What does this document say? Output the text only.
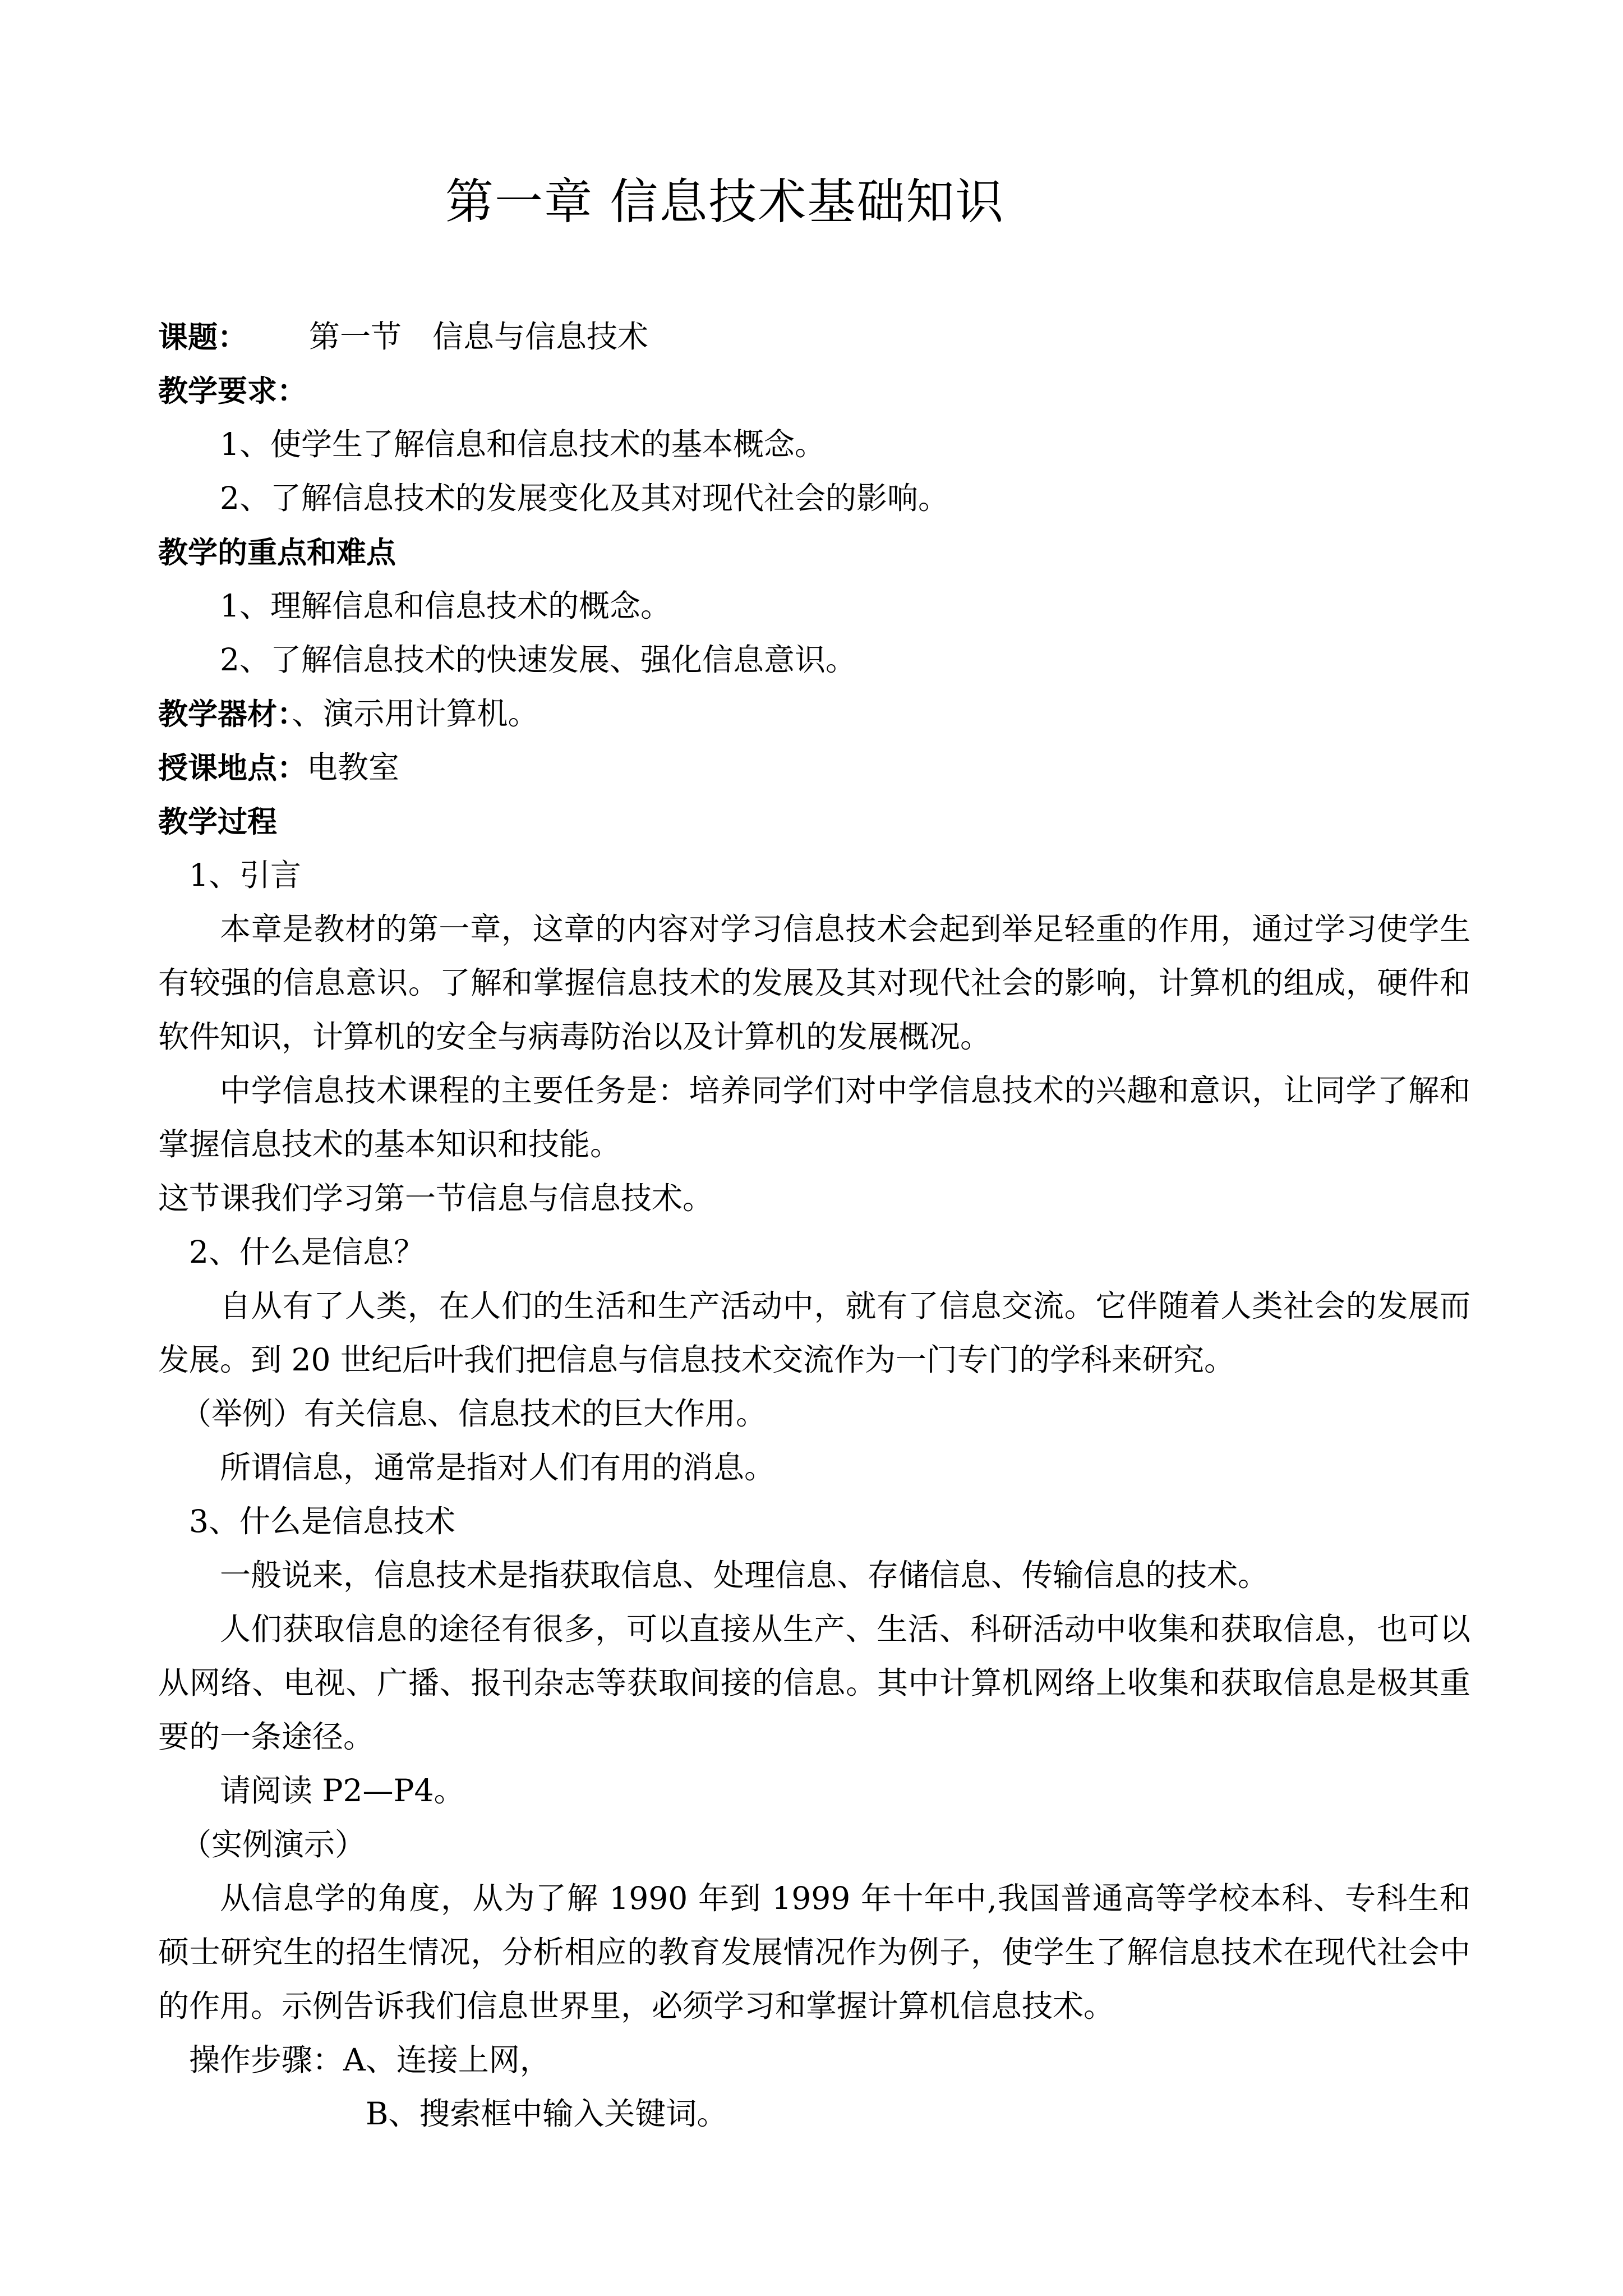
第一章 信息技术基础知识
课题： 第一节 信息与信息技术
教学要求：
1、使学生了解信息和信息技术的基本概念。
2、了解信息技术的发展变化及其对现代社会的影响。
教学的重点和难点
1、理解信息和信息技术的概念。
2、了解信息技术的快速发展、强化信息意识。
教学器材：、演示用计算机。
授课地点：电教室
教学过程
1、引言

本章是教材的第一章，这章的内容对学习信息技术会起到举足轻重的作用，通过学习使学生有较强的信息意识。了解和掌握信息技术的发展及其对现代社会的影响，计算机的组成，硬件和软件知识，计算机的安全与病毒防治以及计算机的发展概况。

中学信息技术课程的主要任务是：培养同学们对中学信息技术的兴趣和意识，让同学了解和掌握信息技术的基本知识和技能。

这节课我们学习第一节信息与信息技术。
2、什么是信息？

自从有了人类，在人们的生活和生产活动中，就有了信息交流。它伴随着人类社会的发展而发展。到 20 世纪后叶我们把信息与信息技术交流作为一门专门的学科来研究。

（举例）有关信息、信息技术的巨大作用。
所谓信息，通常是指对人们有用的消息。
3、什么是信息技术
一般说来，信息技术是指获取信息、处理信息、存储信息、传输信息的技术。

人们获取信息的途径有很多，可以直接从生产、生活、科研活动中收集和获取信息，也可以从网络、电视、广播、报刊杂志等获取间接的信息。其中计算机网络上收集和获取信息是极其重要的一条途径。

请阅读 P2—P4。
（实例演示）

从信息学的角度，从为了解 1990 年到 1999 年十年中,我国普通高等学校本科、专科生和硕士研究生的招生情况，分析相应的教育发展情况作为例子，使学生了解信息技术在现代社会中的作用。示例告诉我们信息世界里，必须学习和掌握计算机信息技术。

操作步骤：A、连接上网，
B、搜索框中输入关键词。
